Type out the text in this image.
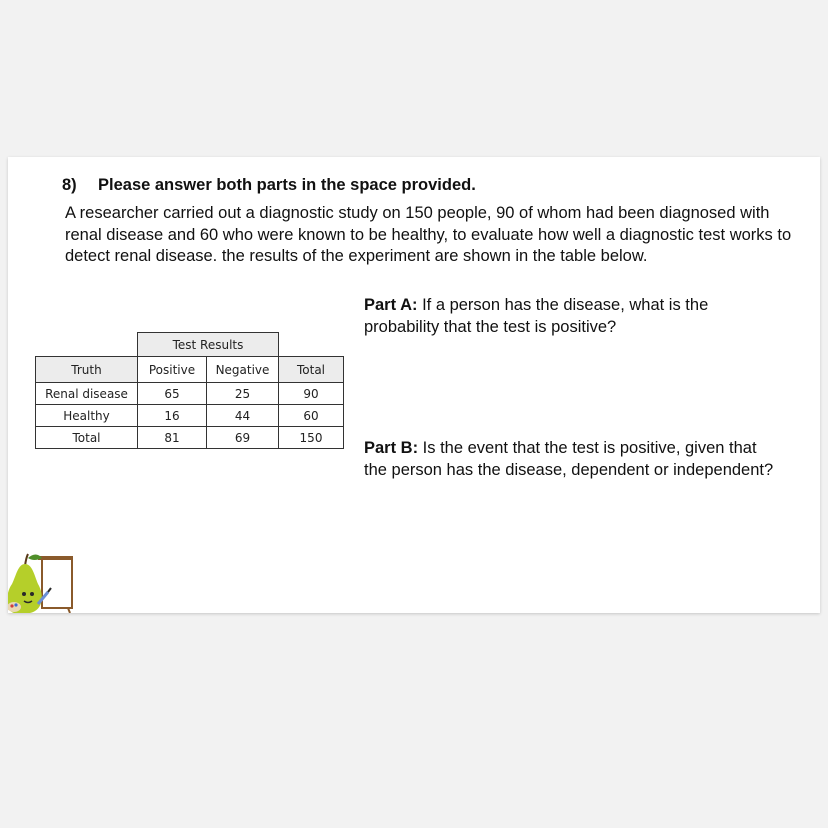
8) Please answer both parts in the space provided.
A researcher carried out a diagnostic study on 150 people, 90 of whom had been diagnosed with renal disease and 60 who were known to be healthy, to evaluate how well a diagnostic test works to detect renal disease. the results of the experiment are shown in the table below.
	Test Results		
Truth	Positive	Negative	Total
Renal disease	65	25	90
Healthy	16	44	60
Total	81	69	150
Part A: If a person has the disease, what is the probability that the test is positive?
Part B: Is the event that the test is positive, given that the person has the disease, dependent or independent?
